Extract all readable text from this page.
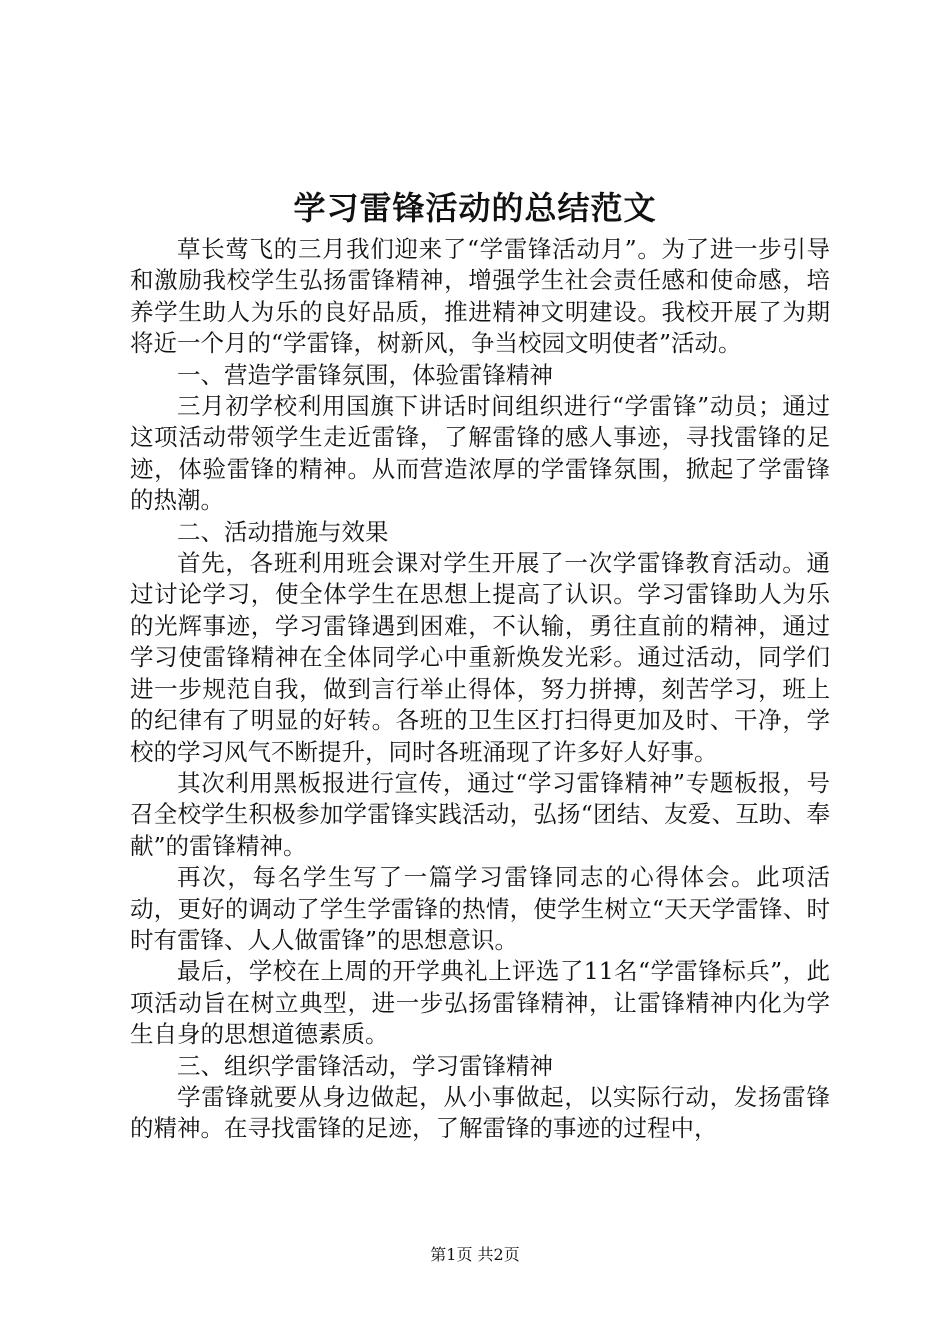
学习雷锋活动的总结范文

草长莺飞的三月我们迎来了“学雷锋活动月”。为了进一步引导和激励我校学生弘扬雷锋精神，增强学生社会责任感和使命感，培养学生助人为乐的良好品质，推进精神文明建设。我校开展了为期将近一个月的“学雷锋，树新风，争当校园文明使者”活动。

一、营造学雷锋氛围，体验雷锋精神

三月初学校利用国旗下讲话时间组织进行“学雷锋”动员；通过这项活动带领学生走近雷锋，了解雷锋的感人事迹，寻找雷锋的足迹，体验雷锋的精神。从而营造浓厚的学雷锋氛围，掀起了学雷锋的热潮。

二、活动措施与效果

首先，各班利用班会课对学生开展了一次学雷锋教育活动。通过讨论学习，使全体学生在思想上提高了认识。学习雷锋助人为乐的光辉事迹，学习雷锋遇到困难，不认输，勇往直前的精神，通过学习使雷锋精神在全体同学心中重新焕发光彩。通过活动，同学们进一步规范自我，做到言行举止得体，努力拼搏，刻苦学习，班上的纪律有了明显的好转。各班的卫生区打扫得更加及时、干净，学校的学习风气不断提升，同时各班涌现了许多好人好事。

其次利用黑板报进行宣传，通过“学习雷锋精神”专题板报，号召全校学生积极参加学雷锋实践活动，弘扬“团结、友爱、互助、奉献”的雷锋精神。

再次，每名学生写了一篇学习雷锋同志的心得体会。此项活动，更好的调动了学生学雷锋的热情，使学生树立“天天学雷锋、时时有雷锋、人人做雷锋”的思想意识。

最后，学校在上周的开学典礼上评选了11名“学雷锋标兵”，此项活动旨在树立典型，进一步弘扬雷锋精神，让雷锋精神内化为学生自身的思想道德素质。

三、组织学雷锋活动，学习雷锋精神

学雷锋就要从身边做起，从小事做起，以实际行动，发扬雷锋的精神。在寻找雷锋的足迹，了解雷锋的事迹的过程中，

第1页 共2页
